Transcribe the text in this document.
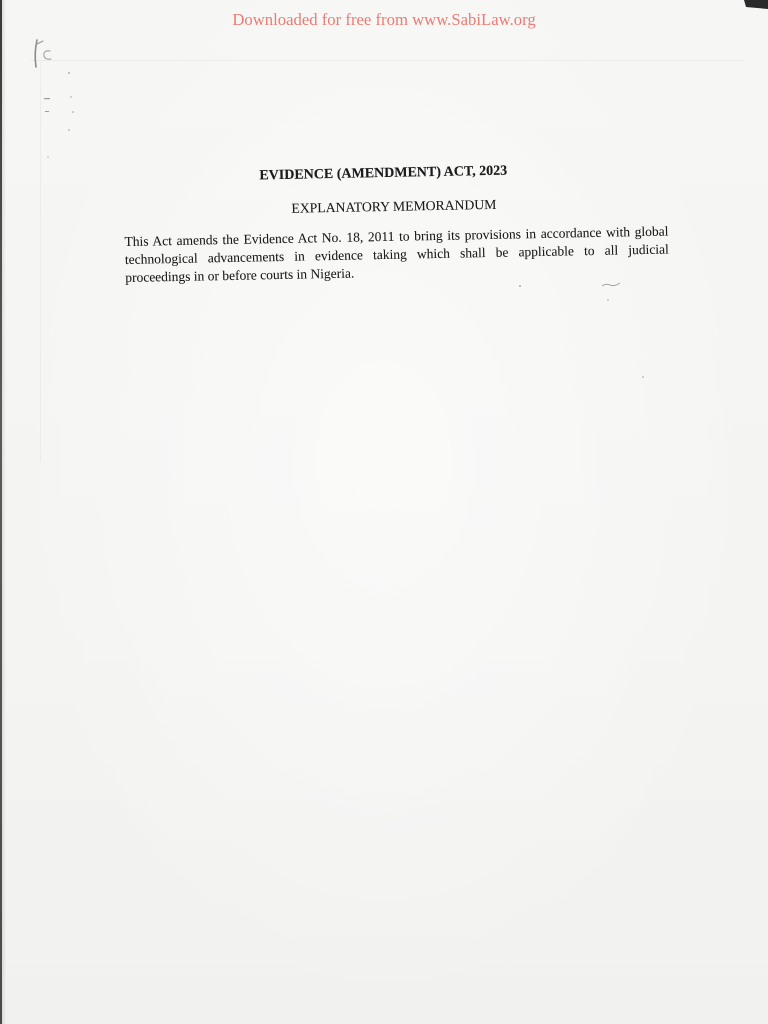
Downloaded for free from www.SabiLaw.org
EVIDENCE (AMENDMENT) ACT, 2023
EXPLANATORY MEMORANDUM
This Act amends the Evidence Act No. 18, 2011 to bring its provisions in accordance with global
technological advancements in evidence taking which shall be applicable to all judicial
proceedings in or before courts in Nigeria.
